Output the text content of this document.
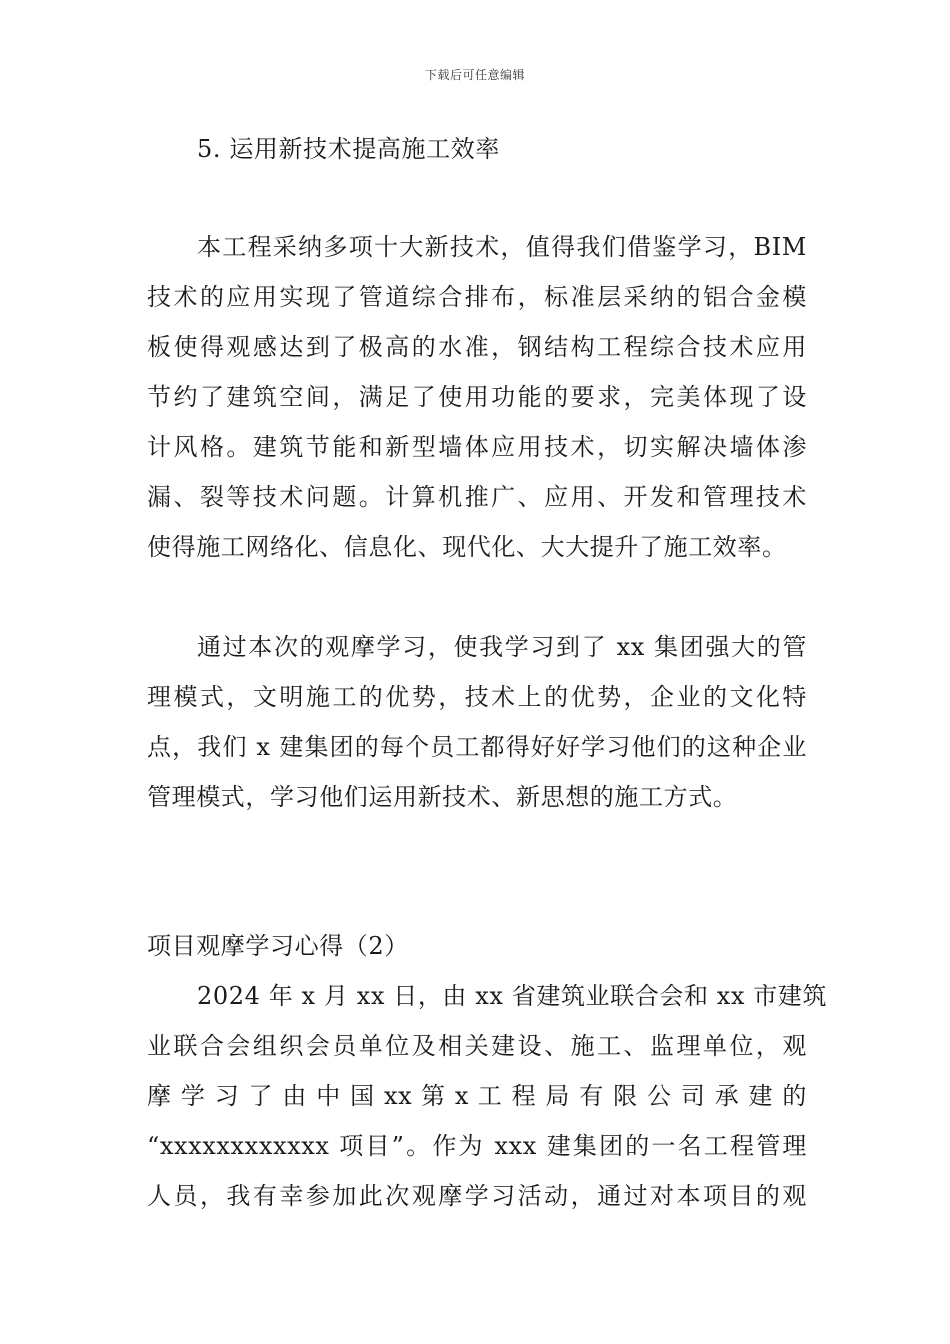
下载后可任意编辑
5. 运用新技术提高施工效率
本工程采纳多项十大新技术，值得我们借鉴学习，BIM
技术的应用实现了管道综合排布，标准层采纳的铝合金模
板使得观感达到了极高的水准，钢结构工程综合技术应用
节约了建筑空间，满足了使用功能的要求，完美体现了设
计风格。建筑节能和新型墙体应用技术，切实解决墙体渗
漏、裂等技术问题。计算机推广、应用、开发和管理技术
使得施工网络化、信息化、现代化、大大提升了施工效率。
通过本次的观摩学习，使我学习到了 xx 集团强大的管
理模式，文明施工的优势，技术上的优势，企业的文化特
点，我们 x 建集团的每个员工都得好好学习他们的这种企业
管理模式，学习他们运用新技术、新思想的施工方式。
项目观摩学习心得（2）
2024 年 x 月 xx 日，由 xx 省建筑业联合会和 xx 市建筑
业联合会组织会员单位及相关建设、施工、监理单位，观
摩 学 习 了 由 中 国 xx 第 x 工 程 局 有 限 公 司 承 建 的
“xxxxxxxxxxxx 项目”。作为 xxx 建集团的一名工程管理
人员，我有幸参加此次观摩学习活动，通过对本项目的观
